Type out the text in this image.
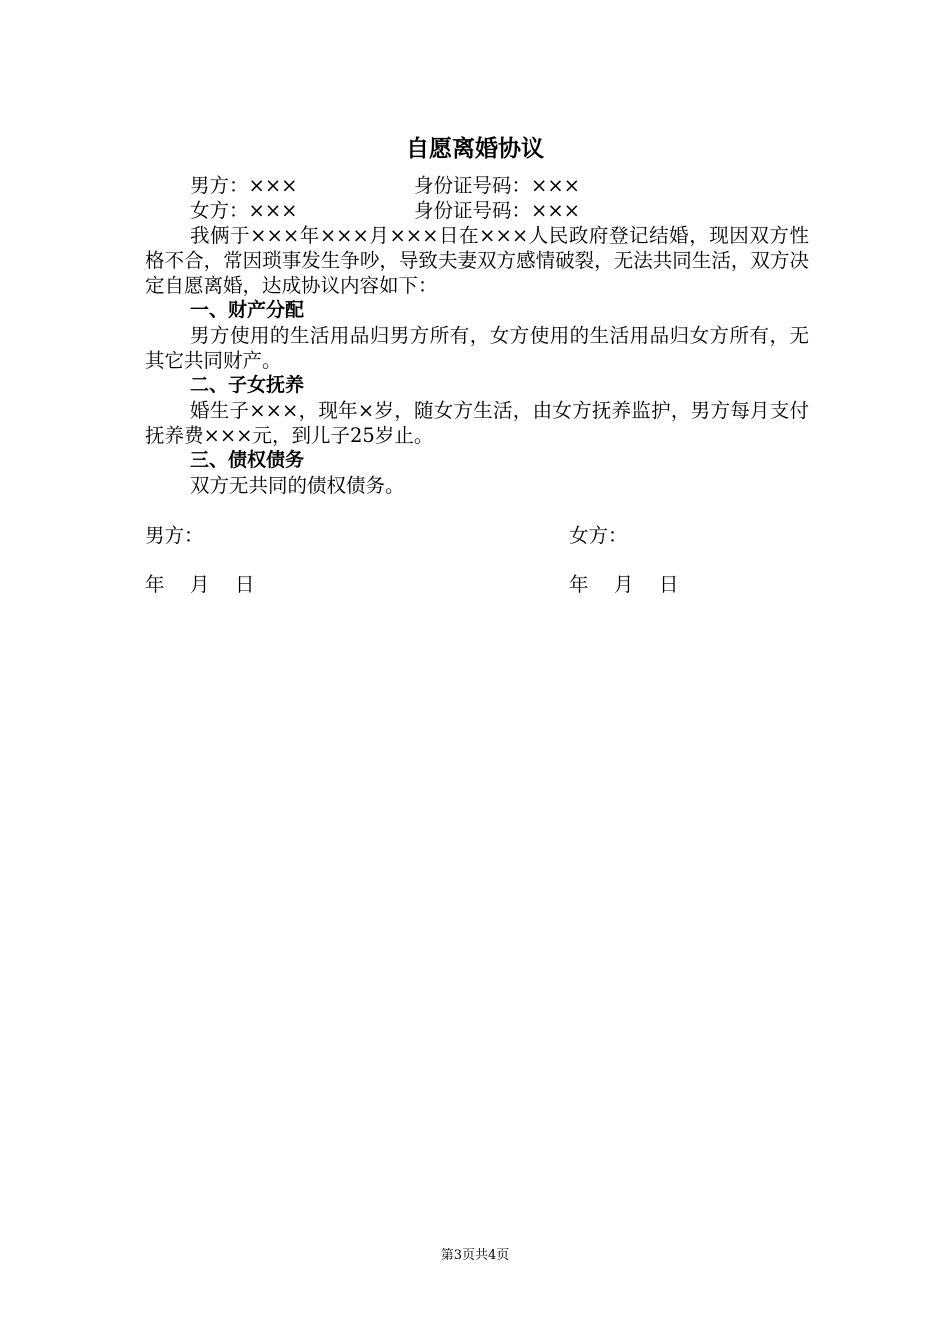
自愿离婚协议
男方：×××	身份证号码：×××
女方：×××	身份证号码：×××
我俩于×××年×××月×××日在×××人民政府登记结婚，现因双方性格不合，常因琐事发生争吵，导致夫妻双方感情破裂，无法共同生活，双方决定自愿离婚，达成协议内容如下：
一、财产分配
男方使用的生活用品归男方所有，女方使用的生活用品归女方所有，无其它共同财产。
二、子女抚养
婚生子×××，现年×岁，随女方生活，由女方抚养监护，男方每月支付抚养费×××元，到儿子25岁止。
三、债权债务
双方无共同的债权债务。
男方：	女方：
年 月 日	年 月 日
第3页共4页
